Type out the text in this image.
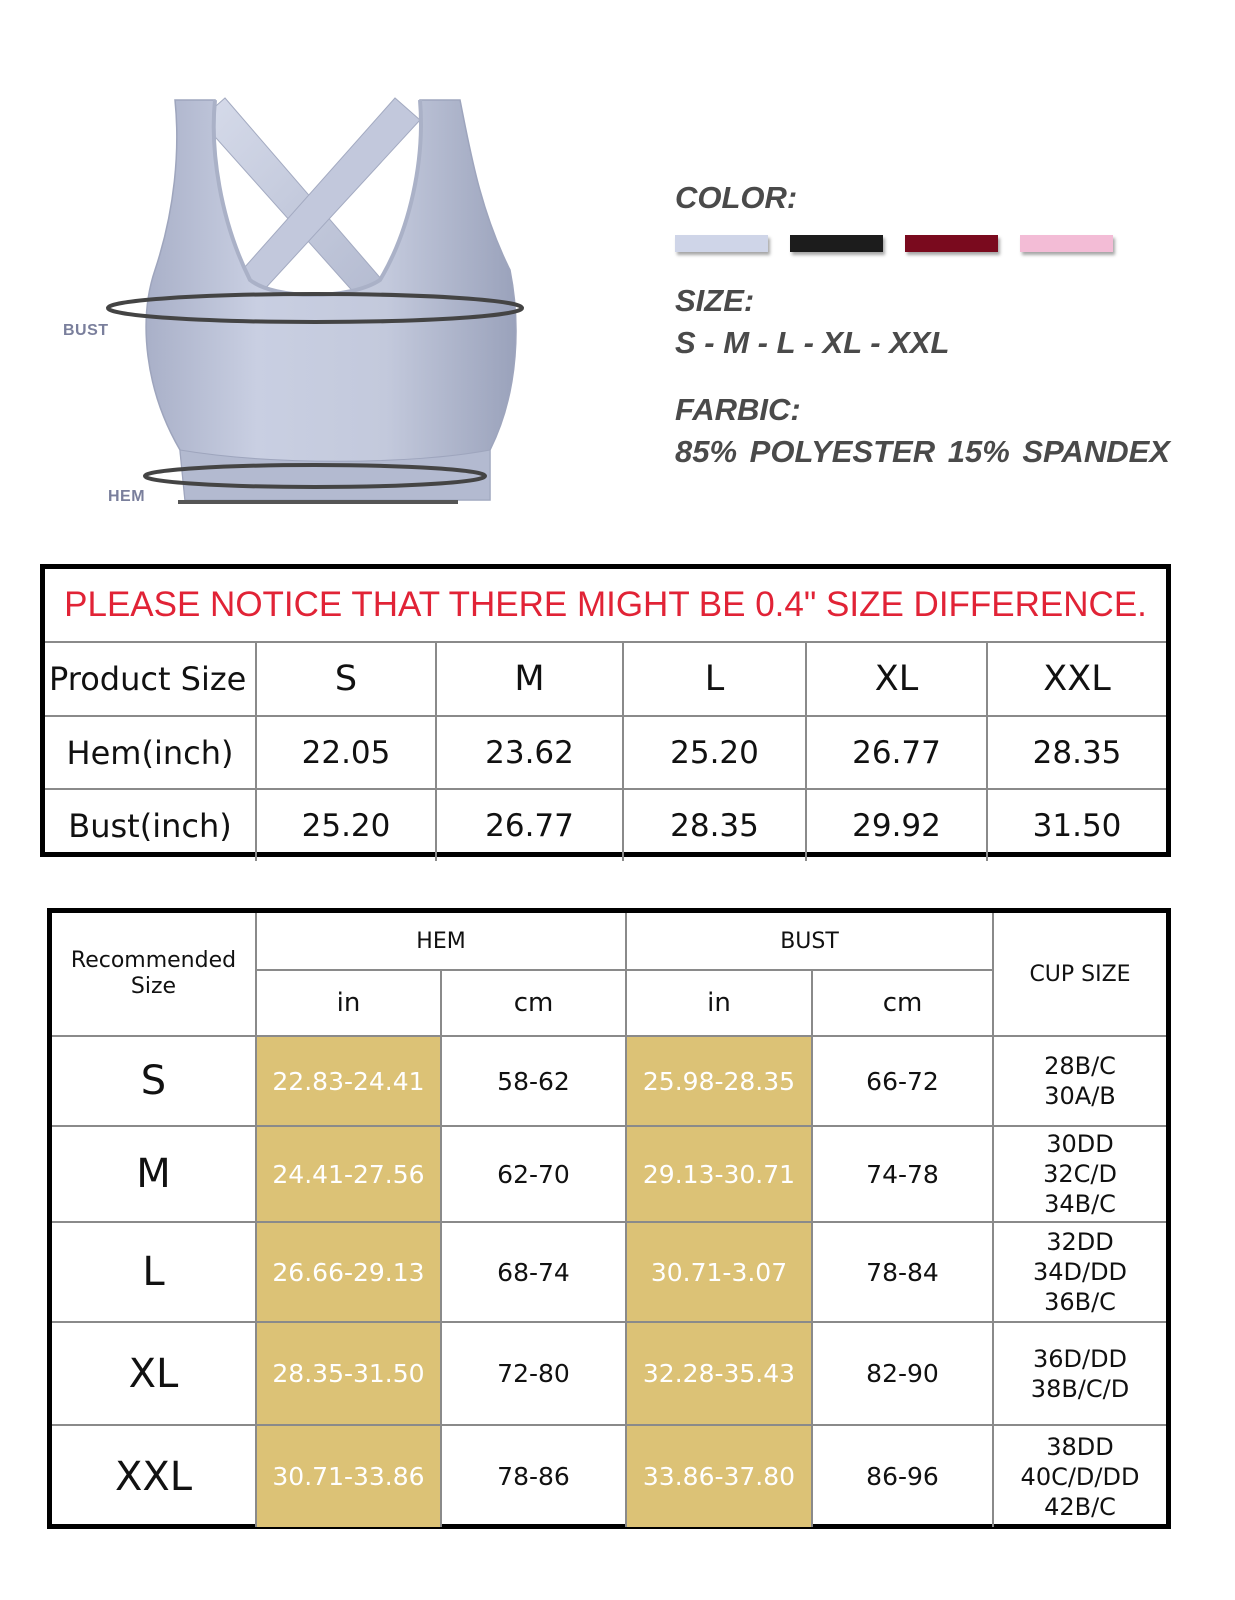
BUST
HEM
COLOR:
SIZE:
S - M - L - XL - XXL
FARBIC:
85% POLYESTER 15% SPANDEX
PLEASE NOTICE THAT THERE MIGHT BE 0.4" SIZE DIFFERENCE.					
Product Size	S	M	L	XL	XXL
Hem(inch)	22.05	23.62	25.20	26.77	28.35
Bust(inch)	25.20	26.77	28.35	29.92	31.50
Recommended Size	HEM		BUST		CUP SIZE
	in	cm	in	cm	
S	22.83-24.41	58-62	25.98-28.35	66-72	28B/C
30A/B

M	24.41-27.56	62-70	29.13-30.71	74-78	30DD
32C/D
34B/C

L	26.66-29.13	68-74	30.71-3.07	78-84	32DD
34D/DD
36B/C

XL	28.35-31.50	72-80	32.28-35.43	82-90	36D/DD
38B/C/D

XXL	30.71-33.86	78-86	33.86-37.80	86-96	38DD
40C/D/DD
42B/C
